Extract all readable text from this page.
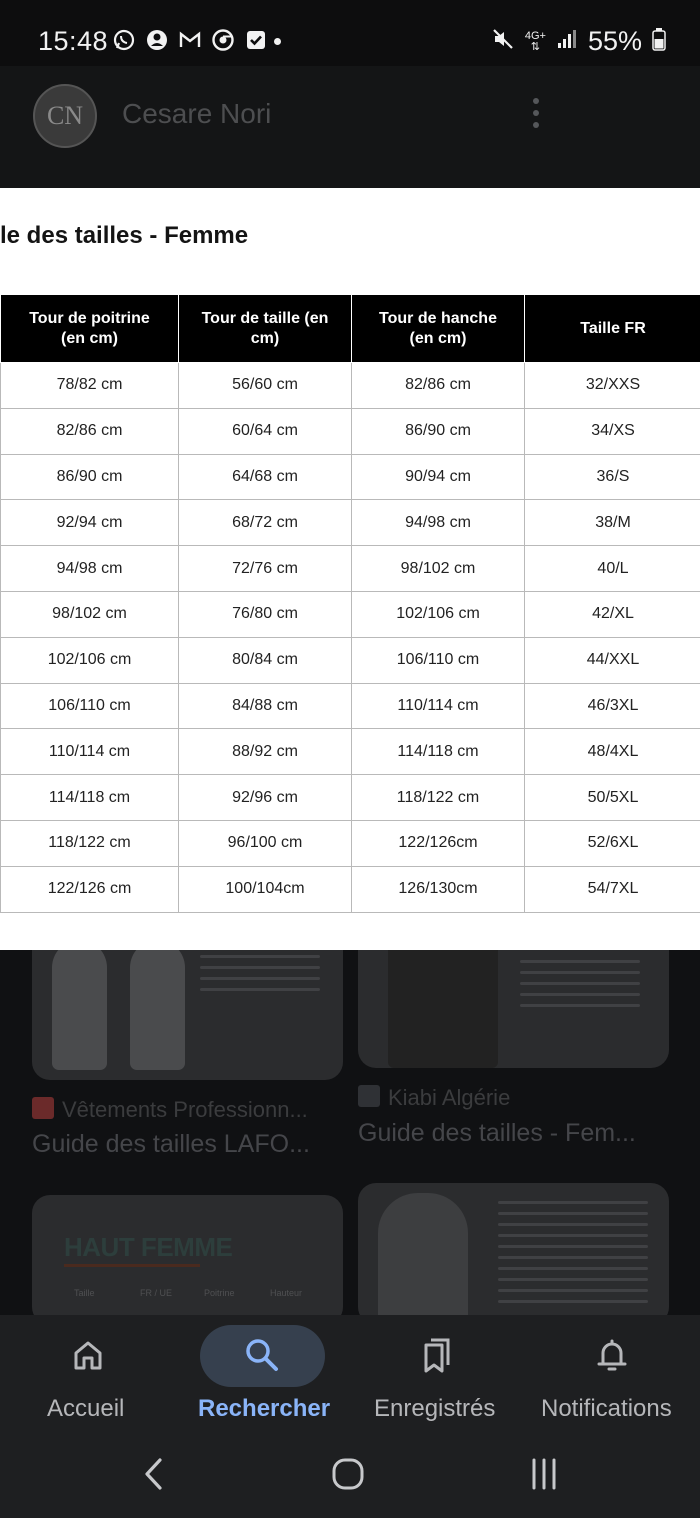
15:48	4G+
⇅ 55%
CN Cesare Nori
Vêtements Professionn...
Guide des tailles LAFO...
Kiabi Algérie
Guide des tailles - Fem...
HAUT FEMME
Taille	FR / UE	Poitrine	Hauteur
le des tailles - Femme
Tour de poitrine (en cm)	Tour de taille (en cm)	Tour de hanche (en cm)	Taille FR
78/82 cm	56/60 cm	82/86 cm	32/XXS
82/86 cm	60/64 cm	86/90 cm	34/XS
86/90 cm	64/68 cm	90/94 cm	36/S
92/94 cm	68/72 cm	94/98 cm	38/M
94/98 cm	72/76 cm	98/102 cm	40/L
98/102 cm	76/80 cm	102/106 cm	42/XL
102/106 cm	80/84 cm	106/110 cm	44/XXL
106/110 cm	84/88 cm	110/114 cm	46/3XL
110/114 cm	88/92 cm	114/118 cm	48/4XL
114/118 cm	92/96 cm	118/122 cm	50/5XL
118/122 cm	96/100 cm	122/126cm	52/6XL
122/126 cm	100/104cm	126/130cm	54/7XL
Accueil	Rechercher Enregistrés Notifications
